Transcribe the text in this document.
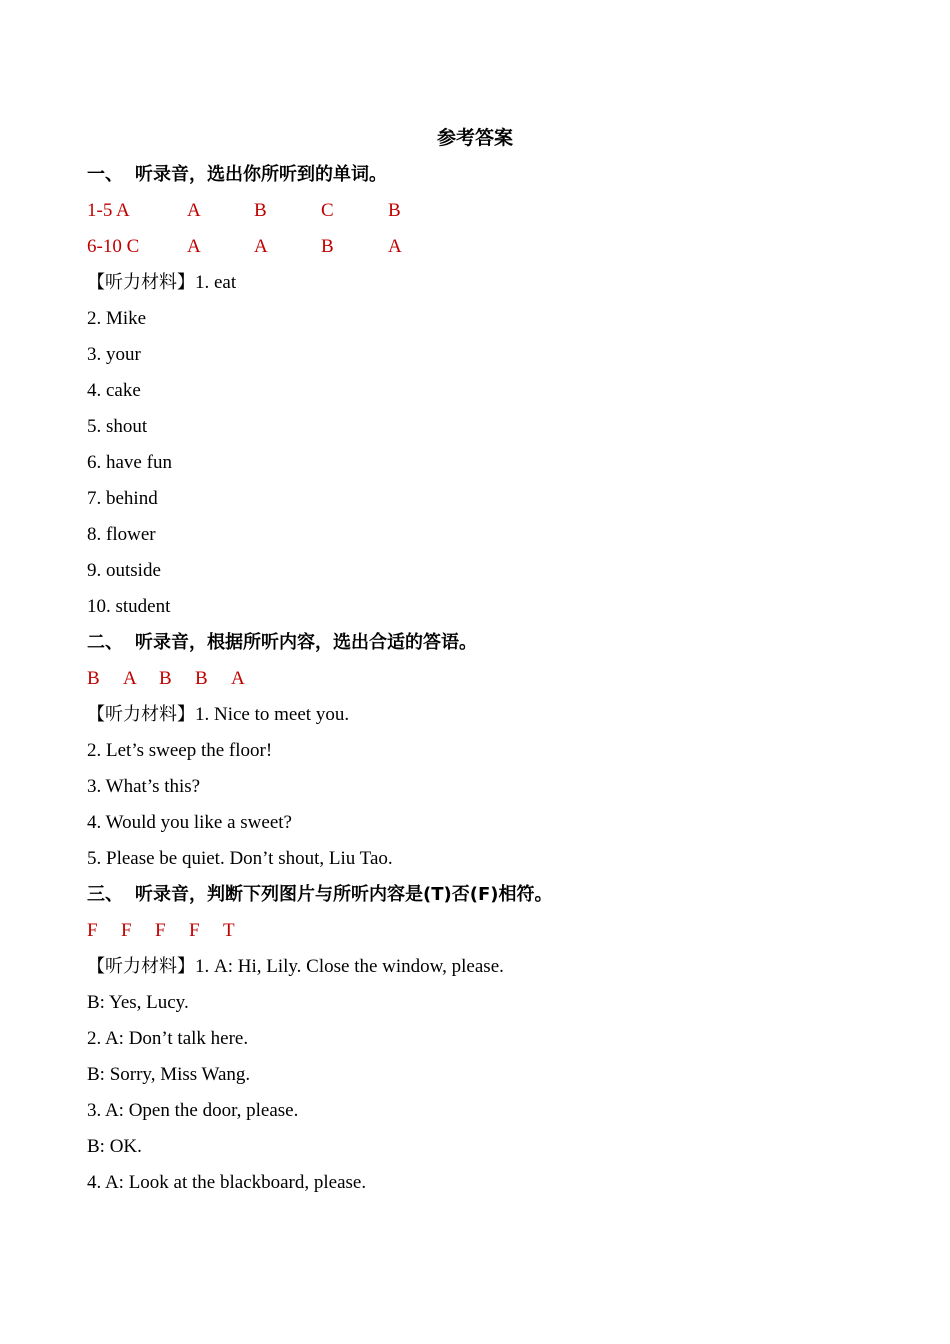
参考答案
一、 听录音，选出你所听到的单词。
1-5 A	A	B	C	B
6-10 C	A	A	B	A
【听力材料】1. eat
2. Mike
3. your
4. cake
5. shout
6. have fun
7. behind
8. flower
9. outside
10. student
二、 听录音，根据所听内容，选出合适的答语。
B A B B A
【听力材料】1. Nice to meet you.
2. Let’s sweep the floor!
3. What’s this?
4. Would you like a sweet?
5. Please be quiet. Don’t shout, Liu Tao.
三、 听录音，判断下列图片与所听内容是(T)否(F)相符。
F F F F T
【听力材料】1. A: Hi, Lily. Close the window, please.
B: Yes, Lucy.
2. A: Don’t talk here.
B: Sorry, Miss Wang.
3. A: Open the door, please.
B: OK.
4. A: Look at the blackboard, please.
